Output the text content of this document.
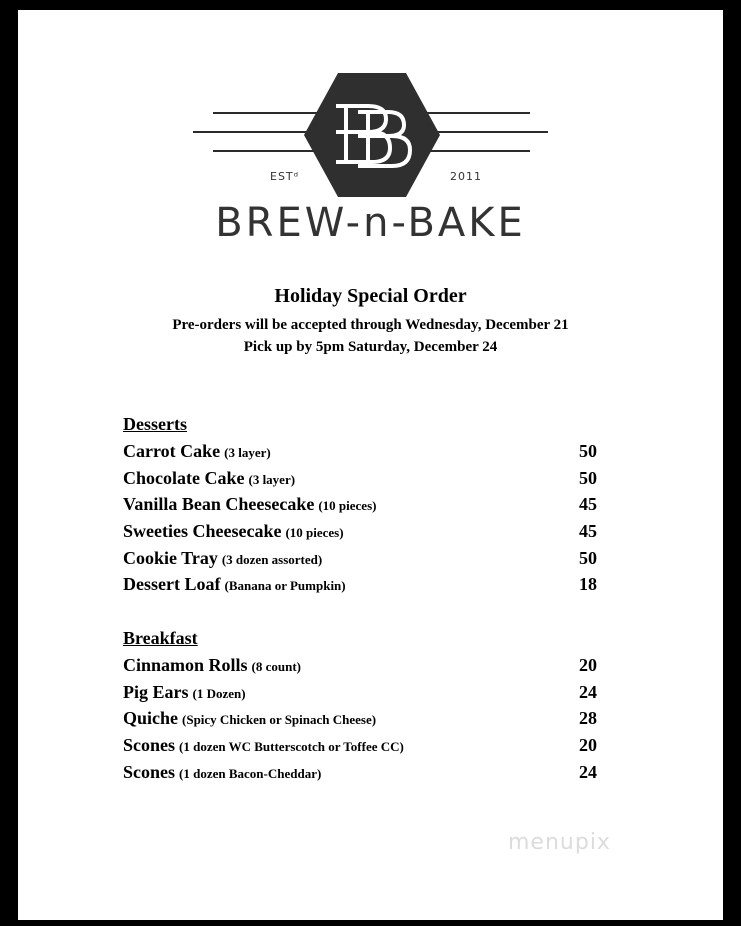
ESTᵈ	2011
BREW-n-BAKE
Holiday Special Order
Pre-orders will be accepted through Wednesday, December 21
Pick up by 5pm Saturday, December 24
Desserts
Carrot Cake (3 layer)	50
Chocolate Cake (3 layer)	50
Vanilla Bean Cheesecake (10 pieces)	45
Sweeties Cheesecake (10 pieces)	45
Cookie Tray (3 dozen assorted)	50
Dessert Loaf (Banana or Pumpkin)	18
Breakfast
Cinnamon Rolls (8 count)	20
Pig Ears (1 Dozen)	24
Quiche (Spicy Chicken or Spinach Cheese)	28
Scones (1 dozen WC Butterscotch or Toffee CC)	20
Scones (1 dozen Bacon-Cheddar)	24
menupix
